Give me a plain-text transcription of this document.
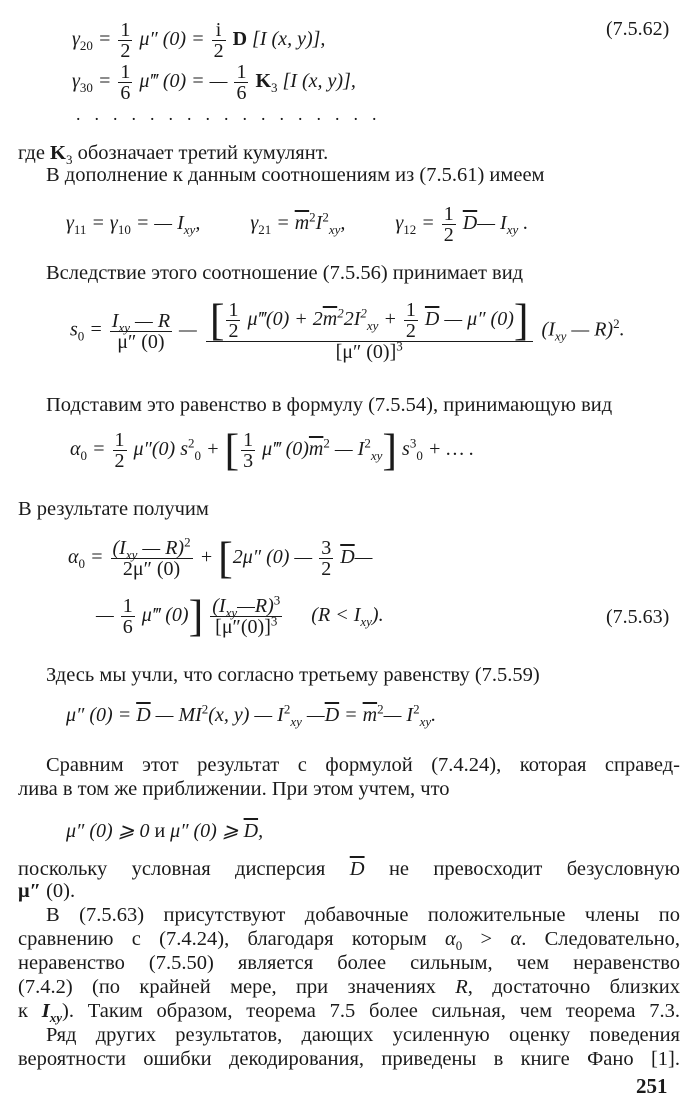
$\gamma_{20} = \frac{1}{2} \mu''$ $(0) = \frac{i}{2}$ D [I (x, y)],	(7.5.62)
$\gamma_{30} = \frac{1}{6}$ μ‴ (0) = — $\frac{1}{6} K_3$ [I (x, y)],
.................
где $K_3$ обозначает третий кумулянт.
В дополнение к данным соотношениям из (7.5.61) имеем
$\gamma_{11} = \gamma_{10}$ = — $I_{xy}$,  $\gamma_{21} = \overline{m}^2I^2_{xy}$,  $\gamma_{12} = \frac{1}{2}$ $\overline{D}—$ $I_{xy}$ .
Вследствие этого соотношение (7.5.56) принимает вид
$s_0 = \frac{I_{xy} — R}{\mu'' (0)}$ — $\frac{[ \frac{1}{2} \mu‴(0) + 2\overline{m}^22I^2_{xy} + \frac{1}{2} \overline{D} — \mu'' (0)]}{[\mu'' (0)]^3} (I_{xy}$ — R)$^2$.
Подставим это равенство в формулу (7.5.54), принимающую вид
$\alpha_0 = \frac{1}{2} \mu''(0) s^2_0$ + [ $\frac{1}{3}$ μ‴ $(0)\overline{m}^2$ — $I^2_{xy}$] $s^3_0$ + … .
В результате получим
$\alpha_0 = \frac{(I_{xy} — R)^2}{2\mu'' (0)} + [2\mu''$ (0) — $\frac{3}{2}$ $\overline{D}—$
— $\frac{1}{6}$ μ‴ $(0)] \frac{(I_{xy}—R)^3}{[\mu''(0)]^3} (R < I_{xy})$.	(7.5.63)
Здесь мы учли, что согласно третьему равенству (7.5.59)
μ″ $(0) = \overline{D}$ — $MI^2(x$, y) — $I^2_{xy}$ $—\overline{D}$ = $\overline{m}^2—$ $I^2_{xy}$.
Сравним этот результат с формулой (7.4.24), которая справед-
лива в том же приближении. При этом учтем, что
μ″ (0) ⩾ 0 и μ″ (0) ⩾ $\overline{D}$,
поскольку  условная  дисперсия  $\overline{D}$  не  превосходит  безусловную
μ″ (0).
В (7.5.63) присутствуют добавочные положительные члены по
сравнению с (7.4.24), благодаря которым $\alpha_0 > \alpha$. Следовательно,
неравенство (7.5.50) является более сильным, чем неравенство
(7.4.2) (по крайней мере, при значениях R, достаточно близких
к $I_{xy}$). Таким образом, теорема 7.5 более сильная, чем теорема 7.3.
Ряд других результатов, дающих усиленную оценку поведения
вероятности ошибки декодирования, приведены в книге Фано [1].
251
